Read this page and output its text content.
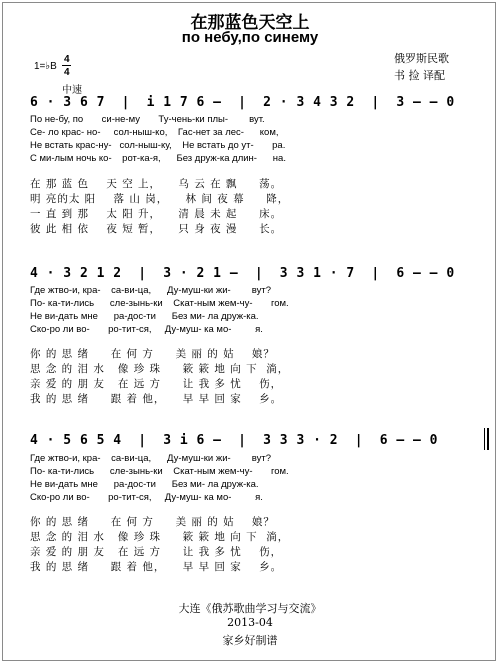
在那蓝色天空上
по небу,по синему
1=♭B
4
4
中速
俄罗斯民歌
书 捡 译配
6 · 3 6 7  |  i 1 7 6 –  |  2 · 3 4 3 2  |  3 – – 0
По не-бу, по       си-не-му       Ту-чень-ки плы-        вут.
Се- ло крас- но-     сол-ныш-ко,    Гас-нет за лес-      ком,
Не встать крас-ну-   сол-ныш-ку,    Не встать до ут-       ра.
С ми-лым ночь ко-    рот-ка-я,      Без друж-ка длин-      на.
在 那 蓝 色    天 空 上，    乌 云 在 飘     荡。
明 亮的太 阳    落 山 岗，    林 间 夜 幕     降，
一 直 到 那    太 阳 升，    清 晨 未 起     床。
彼 此 相 依    夜 短 暂，    只 身 夜 漫     长。
4 · 3 2 1 2  |  3 · 2 1 –  |  3 3 1 · 7  |  6 – – 0
Где жтво-и, кра-    са-ви-ца,      Ду-муш-ки жи-        вут?
По- ка-ти-лись      сле-зынь-ки    Скат-ным жем-чу-       гом.
Не ви-дать мне      ра-дос-ти      Без ми- ла друж-ка.
Ско-ро ли во-       ро-тит-ся,     Ду-муш- ка мо-         я.
你 的 思 绪     在 何 方     美 丽 的 姑    娘？
思 念 的 泪 水   像 珍 珠     簌 簌 地 向 下  淌，
亲 爱 的 朋 友   在 远 方     让 我 多 忧    伤，
我 的 思 绪     跟 着 他，    早 早 回 家    乡。
4 · 5 6 5 4  |  3 i 6 –  |  3 3 3 · 2  |  6 – – 0
Где жтво-и, кра-    са-ви-ца,      Ду-муш-ки жи-        вут?
По- ка-ти-лись      сле-зынь-ки    Скат-ным жем-чу-       гом.
Не ви-дать мне      ра-дос-ти      Без ми- ла друж-ка.
Ско-ро ли во-       ро-тит-ся,     Ду-муш- ка мо-         я.
你 的 思 绪     在 何 方     美 丽 的 姑    娘？
思 念 的 泪 水   像 珍 珠     簌 簌 地 向 下  淌，
亲 爱 的 朋 友   在 远 方     让 我 多 忧    伤，
我 的 思 绪     跟 着 他，    早 早 回 家    乡。
大连《俄苏歌曲学习与交流》
2013-04
家乡好制谱
